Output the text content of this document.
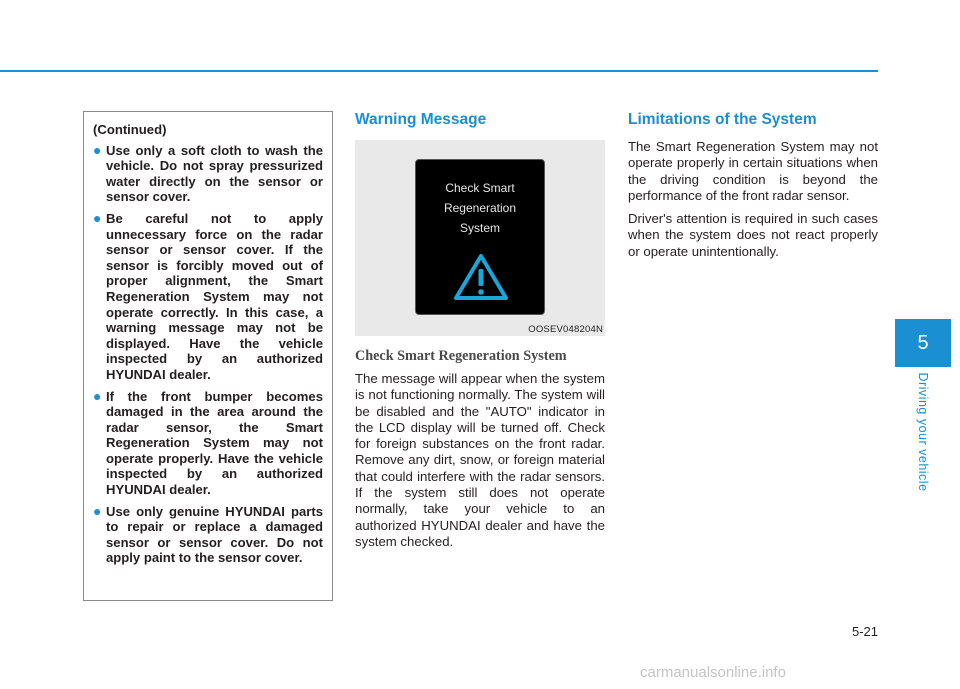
(Continued)

● Use only a soft cloth to wash the vehicle. Do not spray pressurized water directly on the sensor or sensor cover.
● Be careful not to apply unnecessary force on the radar sensor or sensor cover. If the sensor is forcibly moved out of proper alignment, the Smart Regeneration System may not operate correctly. In this case, a warning message may not be displayed. Have the vehicle inspected by an authorized HYUNDAI dealer.
● If the front bumper becomes damaged in the area around the radar sensor, the Smart Regeneration System may not operate properly. Have the vehicle inspected by an authorized HYUNDAI dealer.
● Use only genuine HYUNDAI parts to repair or replace a damaged sensor or sensor cover. Do not apply paint to the sensor cover.
Warning Message
Check Smart
Regeneration
System
OOSEV048204N
Check Smart Regeneration System

The message will appear when the system is not functioning normally. The system will be disabled and the "AUTO" indicator in the LCD display will be turned off. Check for foreign substances on the front radar. Remove any dirt, snow, or foreign material that could interfere with the radar sensors. If the system still does not operate normally, take your vehicle to an authorized HYUNDAI dealer and have the system checked.

Limitations of the System

The Smart Regeneration System may not operate properly in certain situations when the driving condition is beyond the performance of the front radar sensor.

Driver's attention is required in such cases when the system does not react properly or operate unintentionally.

5
Driving your vehicle
5-21
carmanualsonline.info
